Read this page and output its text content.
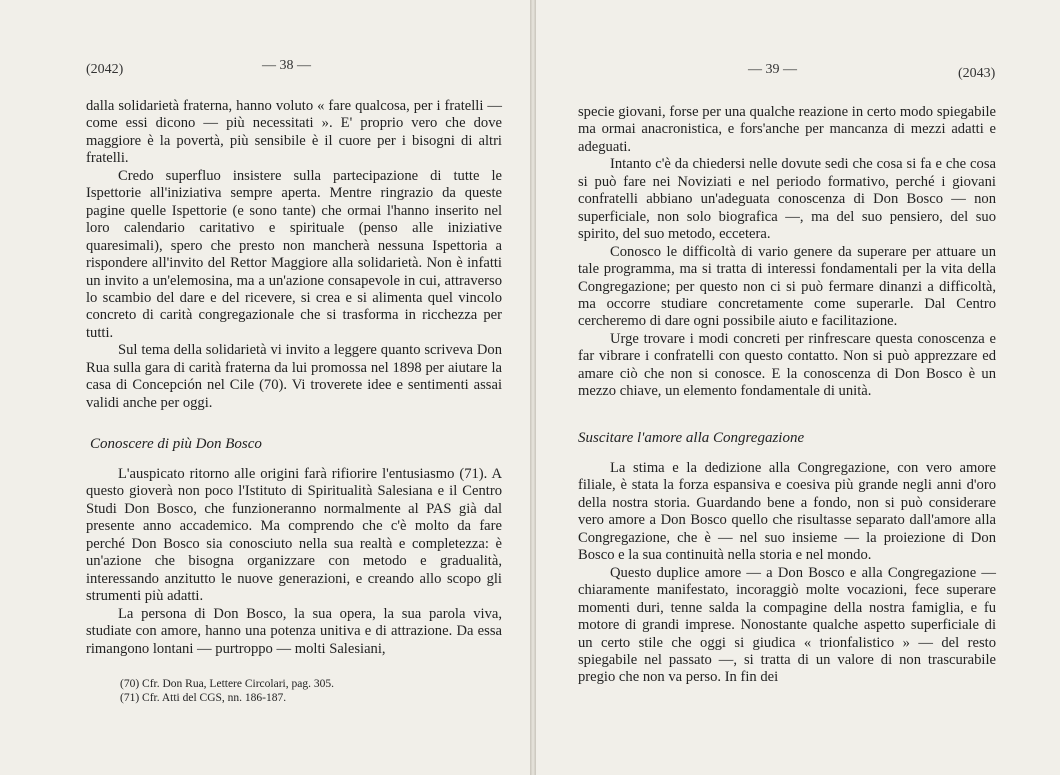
(2042)	— 38 —

dalla solidarietà fraterna, hanno voluto « fare qualcosa, per i fratelli — come essi dicono — più necessitati ». E' proprio vero che dove maggiore è la povertà, più sensibile è il cuore per i bisogni di altri fratelli.

Credo superfluo insistere sulla partecipazione di tutte le Ispettorie all'iniziativa sempre aperta. Mentre ringrazio da queste pagine quelle Ispettorie (e sono tante) che ormai l'hanno inserito nel loro calendario caritativo e spirituale (penso alle iniziative quaresimali), spero che presto non mancherà nessuna Ispettoria a rispondere all'invito del Rettor Maggiore alla solidarietà. Non è infatti un invito a un'elemosina, ma a un'azione consapevole in cui, attraverso lo scambio del dare e del ricevere, si crea e si alimenta quel vincolo concreto di carità congregazionale che si trasforma in ricchezza per tutti.

Sul tema della solidarietà vi invito a leggere quanto scriveva Don Rua sulla gara di carità fraterna da lui promossa nel 1898 per aiutare la casa di Concepción nel Cile (70). Vi troverete idee e sentimenti assai validi anche per oggi.

Conoscere di più Don Bosco

L'auspicato ritorno alle origini farà rifiorire l'entusiasmo (71). A questo gioverà non poco l'Istituto di Spiritualità Salesiana e il Centro Studi Don Bosco, che funzioneranno normalmente al PAS già dal presente anno accademico. Ma comprendo che c'è molto da fare perché Don Bosco sia conosciuto nella sua realtà e completezza: è un'azione che bisogna organizzare con metodo e gradualità, interessando anzitutto le nuove generazioni, e creando allo scopo gli strumenti più adatti.

La persona di Don Bosco, la sua opera, la sua parola viva, studiate con amore, hanno una potenza unitiva e di attrazione. Da essa rimangono lontani — purtroppo — molti Salesiani,

(70) Cfr. Don Rua, Lettere Circolari, pag. 305.
(71) Cfr. Atti del CGS, nn. 186-187.
— 39 —	(2043)

specie giovani, forse per una qualche reazione in certo modo spiegabile ma ormai anacronistica, e fors'anche per mancanza di mezzi adatti e adeguati.

Intanto c'è da chiedersi nelle dovute sedi che cosa si fa e che cosa si può fare nei Noviziati e nel periodo formativo, perché i giovani confratelli abbiano un'adeguata conoscenza di Don Bosco — non superficiale, non solo biografica —, ma del suo pensiero, del suo spirito, del suo metodo, eccetera.

Conosco le difficoltà di vario genere da superare per attuare un tale programma, ma si tratta di interessi fondamentali per la vita della Congregazione; per questo non ci si può fermare dinanzi a difficoltà, ma occorre studiare concretamente come superarle. Dal Centro cercheremo di dare ogni possibile aiuto e facilitazione.

Urge trovare i modi concreti per rinfrescare questa conoscenza e far vibrare i confratelli con questo contatto. Non si può apprezzare ed amare ciò che non si conosce. E la conoscenza di Don Bosco è un mezzo chiave, un elemento fondamentale di unità.

Suscitare l'amore alla Congregazione

La stima e la dedizione alla Congregazione, con vero amore filiale, è stata la forza espansiva e coesiva più grande negli anni d'oro della nostra storia. Guardando bene a fondo, non si può considerare vero amore a Don Bosco quello che risultasse separato dall'amore alla Congregazione, che è — nel suo insieme — la proiezione di Don Bosco e la sua continuità nella storia e nel mondo.

Questo duplice amore — a Don Bosco e alla Congregazione — chiaramente manifestato, incoraggiò molte vocazioni, fece superare momenti duri, tenne salda la compagine della nostra famiglia, e fu motore di grandi imprese. Nonostante qualche aspetto superficiale di un certo stile che oggi si giudica « trionfalistico » — del resto spiegabile nel passato —, si tratta di un valore di non trascurabile pregio che non va perso. In fin dei
